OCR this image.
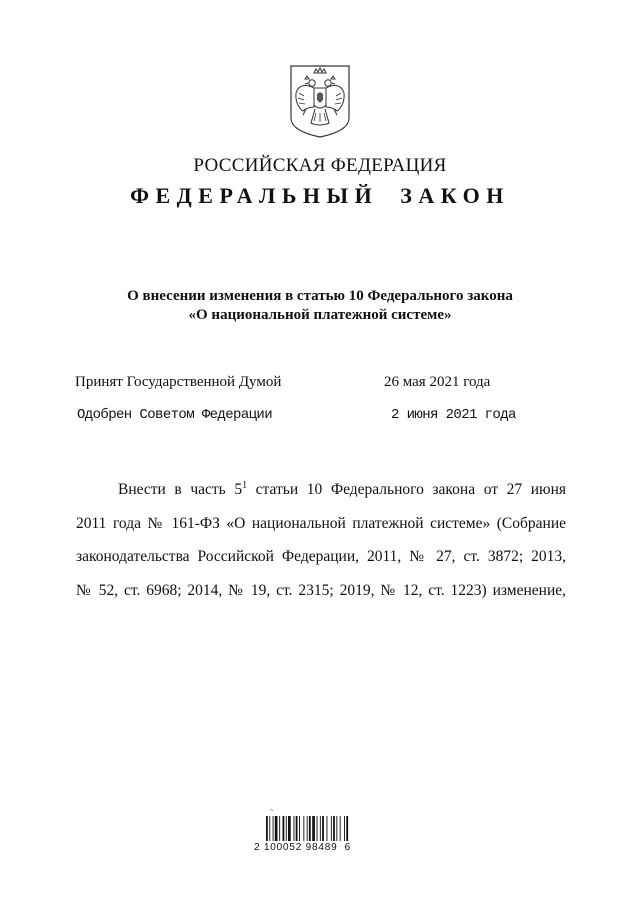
РОССИЙСКАЯ ФЕДЕРАЦИЯ
ФЕДЕРАЛЬНЫЙ ЗАКОН
О внесении изменения в статью 10 Федерального закона
«О национальной платежной системе»
Принят Государственной Думой	26 мая 2021 года
Одобрен Советом Федерации	2 июня 2021 года
Внести в часть $5^1$ статьи 10 Федерального закона от 27 июня
2011 года № 161-ФЗ «О национальной платежной системе» (Собрание
законодательства Российской Федерации, 2011, № 27, ст. 3872; 2013,
№ 52, ст. 6968; 2014, № 19, ст. 2315; 2019, № 12, ст. 1223) изменение,
~
2 100052 98489  6
